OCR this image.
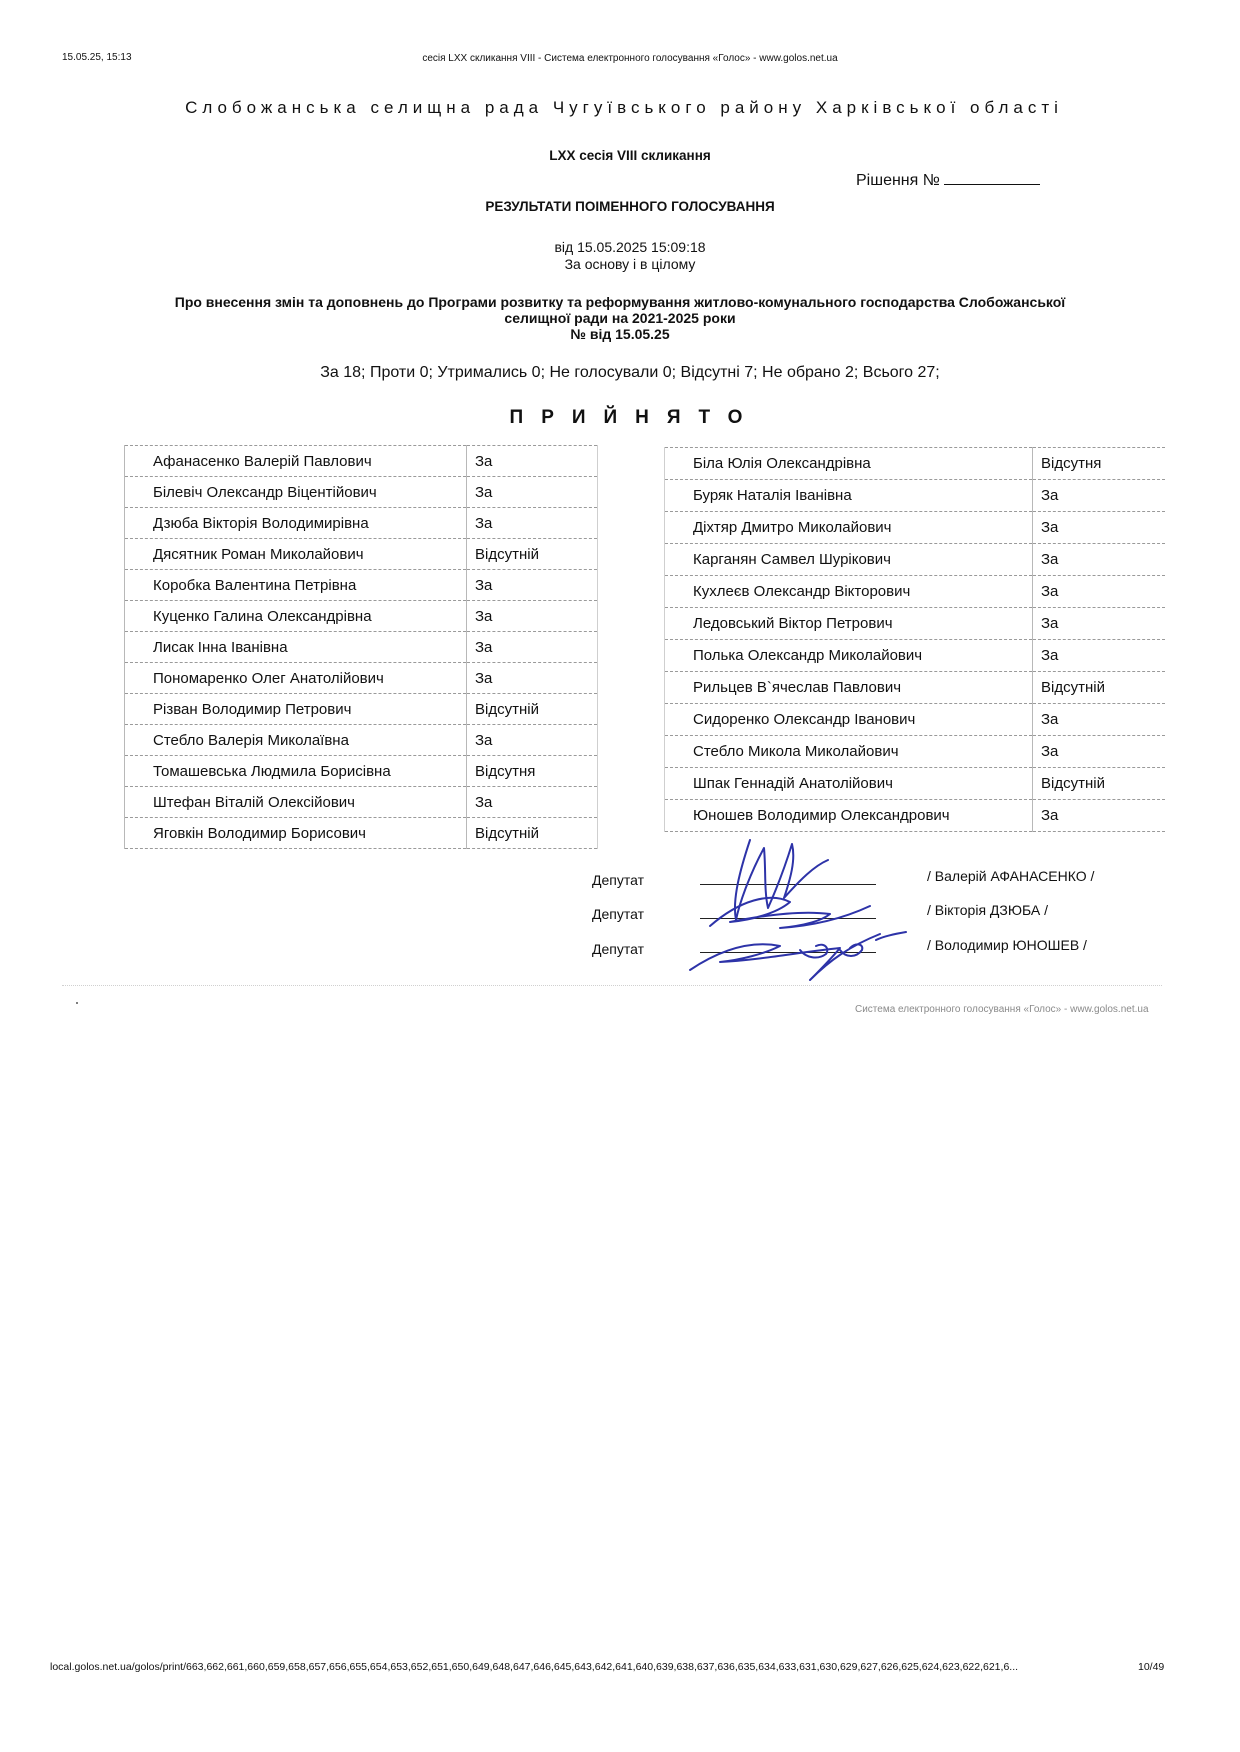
15.05.25, 15:13	сесія LXX скликання VIII - Система електронного голосування «Голос» - www.golos.net.ua
Слобожанська селищна рада Чугуївського району Харківської області
LXX сесія VIII скликання
Рішення №
РЕЗУЛЬТАТИ ПОІМЕННОГО ГОЛОСУВАННЯ
від 15.05.2025 15:09:18
За основу і в цілому
Про внесення змін та доповнень до Програми розвитку та реформування житлово-комунального господарства Слобожанської
селищної ради на 2021-2025 роки
№ від 15.05.25
За 18; Проти 0; Утримались 0; Не голосували 0; Відсутні 7; Не обрано 2; Всього 27;
ПРИЙНЯТО
Афанасенко Валерій Павлович	За
Білевіч Олександр Віцентійович	За
Дзюба Вікторія Володимирівна	За
Дясятник Роман Миколайович	Відсутній
Коробка Валентина Петрівна	За
Куценко Галина Олександрівна	За
Лисак Інна Іванівна	За
Пономаренко Олег Анатолійович	За
Різван Володимир Петрович	Відсутній
Стебло Валерія Миколаївна	За
Томашевська Людмила Борисівна	Відсутня
Штефан Віталій Олексійович	За
Яговкін Володимир Борисович	Відсутній
Біла Юлія Олександрівна	Відсутня
Буряк Наталія Іванівна	За
Діхтяр Дмитро Миколайович	За
Карганян Самвел Шурікович	За
Кухлеєв Олександр Вікторович	За
Ледовський Віктор Петрович	За
Полька Олександр Миколайович	За
Рильцев В`ячеслав Павлович	Відсутній
Сидоренко Олександр Іванович	За
Стебло Микола Миколайович	За
Шпак Геннадій Анатолійович	Відсутній
Юношев Володимир Олександрович	За
Депутат
Депутат
Депутат
/ Валерій АФАНАСЕНКО /
/ Вікторія ДЗЮБА /
/ Володимир ЮНОШЕВ /
Система електронного голосування «Голос» - www.golos.net.ua
local.golos.net.ua/golos/print/663,662,661,660,659,658,657,656,655,654,653,652,651,650,649,648,647,646,645,643,642,641,640,639,638,637,636,635,634,633,631,630,629,627,626,625,624,623,622,621,6...	10/49
